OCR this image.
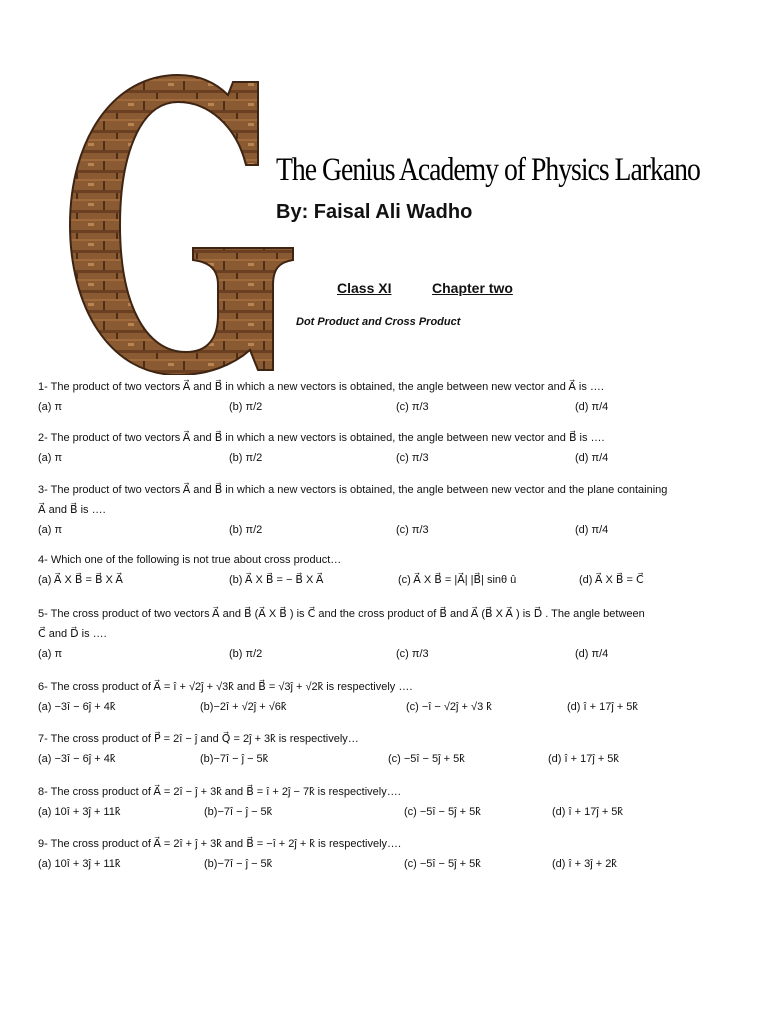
The Genius Academy of Physics Larkano
By: Faisal Ali Wadho
Class XI	Chapter two
Dot Product and Cross Product
1- The product of two vectors A⃗ and B⃗ in which a new vectors is obtained, the angle between new vector and A⃗ is ….
(a) π	(b) π/2	(c) π/3	(d) π/4
2- The product of two vectors A⃗ and B⃗ in which a new vectors is obtained, the angle between new vector and B⃗ is ….
(a) π	(b) π/2	(c) π/3	(d) π/4
3- The product of two vectors A⃗ and B⃗ in which a new vectors is obtained, the angle between new vector and the plane containing
A⃗ and B⃗ is ….
(a) π	(b) π/2	(c) π/3	(d) π/4
4- Which one of the following is not true about cross product…
(a) A⃗ X B⃗ = B⃗ X A⃗	(b) A⃗ X B⃗ = − B⃗ X A⃗	(c) A⃗ X B⃗ = |A⃗| |B⃗| sinθ û	(d) A⃗ X B⃗ = C⃗
5- The cross product of two vectors A⃗ and B⃗ (A⃗ X B⃗ ) is C⃗ and the cross product of B⃗ and A⃗ (B⃗ X A⃗ ) is D⃗ . The angle between
C⃗ and D⃗ is ….
(a) π	(b) π/2	(c) π/3	(d) π/4
6- The cross product of A⃗ = î + √2ĵ + √3k̂ and B⃗ = √3ĵ + √2k̂ is respectively ….
(a) −3î − 6ĵ + 4k̂	(b)−2î + √2ĵ + √6k̂	(c) −î − √2ĵ + √3 k̂	(d) î + 17ĵ + 5k̂
7- The cross product of P⃗ = 2î − ĵ and Q⃗ = 2ĵ + 3k̂ is respectively…
(a) −3î − 6ĵ + 4k̂	(b)−7î − ĵ − 5k̂	(c) −5î − 5ĵ + 5k̂	(d) î + 17ĵ + 5k̂
8- The cross product of A⃗ = 2î − ĵ + 3k̂ and B⃗ = î + 2ĵ − 7k̂ is respectively….
(a) 10î + 3ĵ + 11k̂	(b)−7î − ĵ − 5k̂	(c) −5î − 5ĵ + 5k̂	(d) î + 17ĵ + 5k̂
9- The cross product of A⃗ = 2î + ĵ + 3k̂ and B⃗ = −î + 2ĵ + k̂ is respectively….
(a) 10î + 3ĵ + 11k̂	(b)−7î − ĵ − 5k̂	(c) −5î − 5ĵ + 5k̂	(d) î + 3ĵ + 2k̂
